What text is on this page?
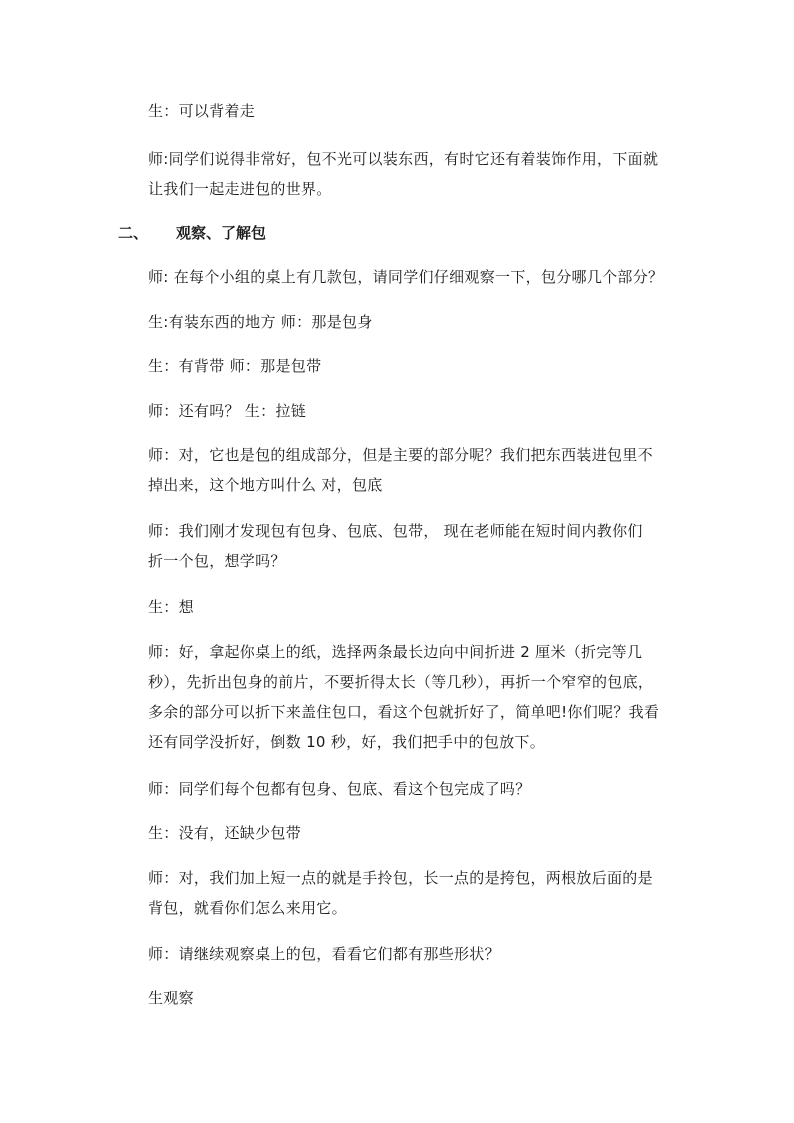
生：可以背着走
师:同学们说得非常好，包不光可以装东西，有时它还有着装饰作用，下面就
让我们一起走进包的世界。
二、 观察、了解包
师: 在每个小组的桌上有几款包，请同学们仔细观察一下，包分哪几个部分？
生:有装东西的地方 师：那是包身
生：有背带 师：那是包带
师：还有吗？ 生：拉链
师：对，它也是包的组成部分，但是主要的部分呢？我们把东西装进包里不
掉出来，这个地方叫什么 对，包底
师：我们刚才发现包有包身、包底、包带， 现在老师能在短时间内教你们
折一个包，想学吗？
生：想
师：好，拿起你桌上的纸，选择两条最长边向中间折进 2 厘米（折完等几
秒），先折出包身的前片，不要折得太长（等几秒），再折一个窄窄的包底，
多余的部分可以折下来盖住包口，看这个包就折好了，简单吧!你们呢？我看
还有同学没折好，倒数 10 秒，好，我们把手中的包放下。
师：同学们每个包都有包身、包底、看这个包完成了吗？
生：没有，还缺少包带
师：对，我们加上短一点的就是手拎包，长一点的是挎包，两根放后面的是
背包，就看你们怎么来用它。
师：请继续观察桌上的包，看看它们都有那些形状？
生观察
